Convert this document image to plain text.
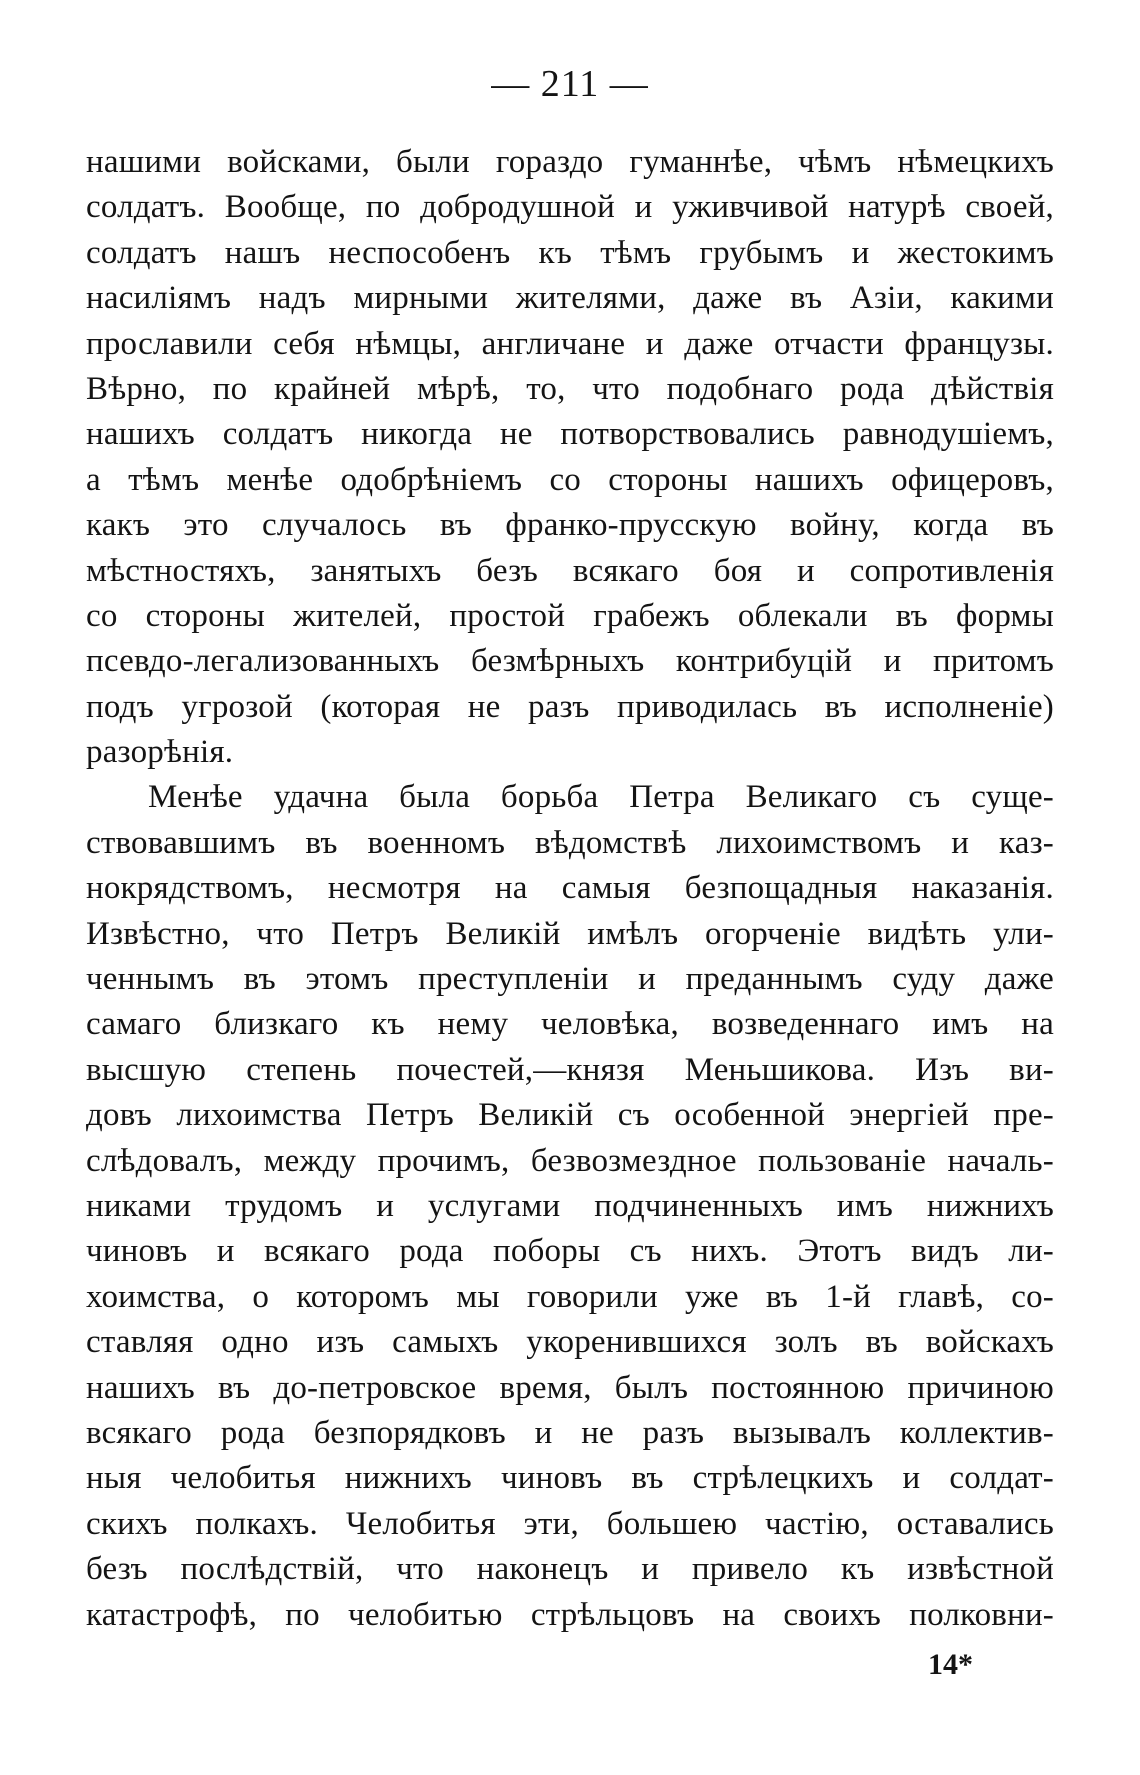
— 211 —
нашими войсками, были гораздо гуманнѣе, чѣмъ нѣмецкихъ
солдатъ. Вообще, по добродушной и уживчивой натурѣ своей,
солдатъ нашъ неспособенъ къ тѣмъ грубымъ и жестокимъ
насиліямъ надъ мирными жителями, даже въ Азіи, какими
прославили себя нѣмцы, англичане и даже отчасти французы.
Вѣрно, по крайней мѣрѣ, то, что подобнаго рода дѣйствія
нашихъ солдатъ никогда не потворствовались равнодушіемъ,
а тѣмъ менѣе одобрѣніемъ со стороны нашихъ офицеровъ,
какъ это случалось въ франко-прусскую войну, когда въ
мѣстностяхъ, занятыхъ безъ всякаго боя и сопротивленія
со стороны жителей, простой грабежъ облекали въ формы
псевдо-легализованныхъ безмѣрныхъ контрибуцій и притомъ
подъ угрозой (которая не разъ приводилась въ исполненіе)
разорѣнія.
Менѣе удачна была борьба Петра Великаго съ суще-
ствовавшимъ въ военномъ вѣдомствѣ лихоимствомъ и каз-
нокрядствомъ, несмотря на самыя безпощадныя наказанія.
Извѣстно, что Петръ Великій имѣлъ огорченіе видѣть ули-
ченнымъ въ этомъ преступленіи и преданнымъ суду даже
самаго близкаго къ нему человѣка, возведеннаго имъ на
высшую степень почестей,—князя Меньшикова. Изъ ви-
довъ лихоимства Петръ Великій съ особенной энергіей пре-
слѣдовалъ, между прочимъ, безвозмездное пользованіе началь-
никами трудомъ и услугами подчиненныхъ имъ нижнихъ
чиновъ и всякаго рода поборы съ нихъ. Этотъ видъ ли-
хоимства, о которомъ мы говорили уже въ 1-й главѣ, со-
ставляя одно изъ самыхъ укоренившихся золъ въ войскахъ
нашихъ въ до-петровское время, былъ постоянною причиною
всякаго рода безпорядковъ и не разъ вызывалъ коллектив-
ныя челобитья нижнихъ чиновъ въ стрѣлецкихъ и солдат-
скихъ полкахъ. Челобитья эти, большею частію, оставались
безъ послѣдствій, что наконецъ и привело къ извѣстной
катастрофѣ, по челобитью стрѣльцовъ на своихъ полковни-
14*
